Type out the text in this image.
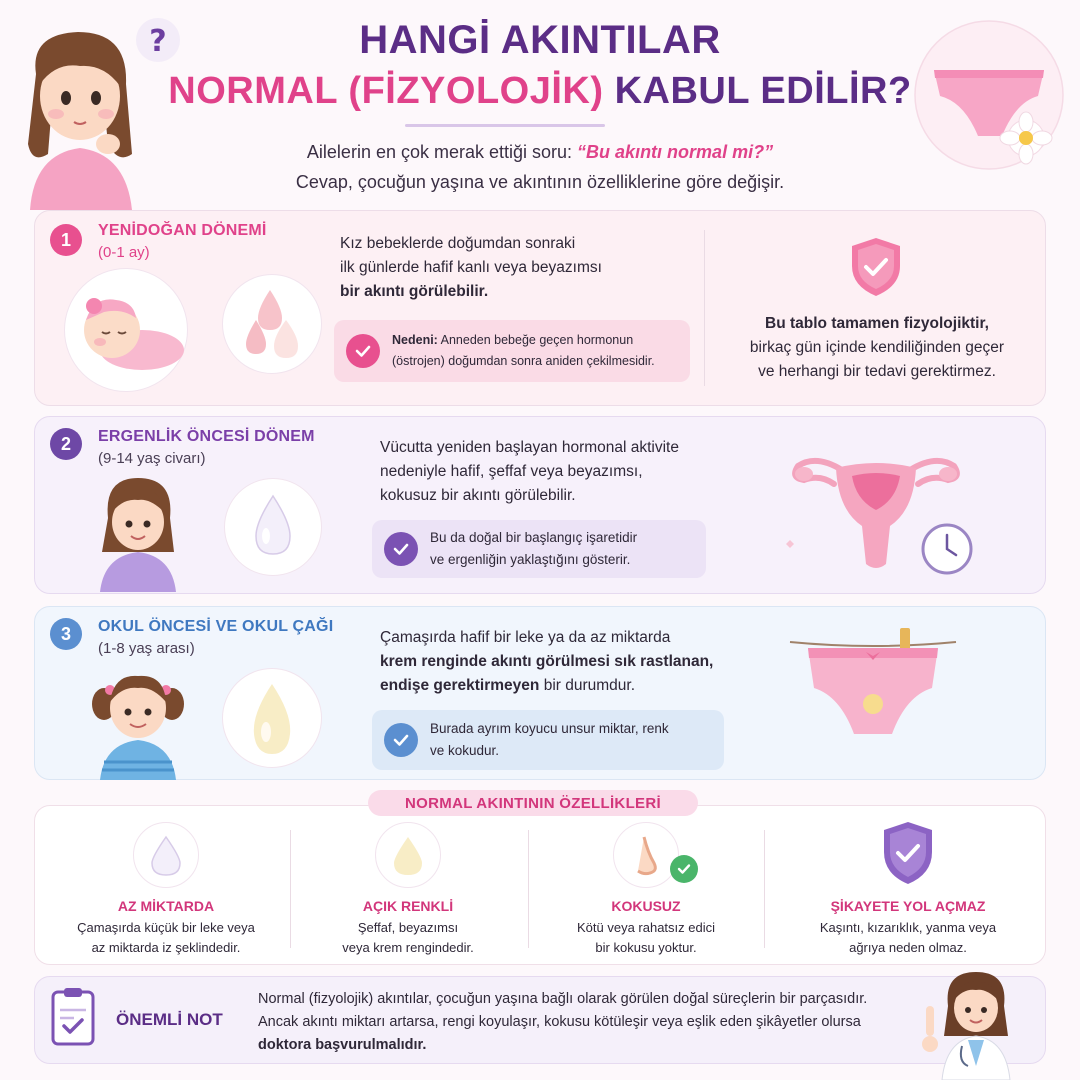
?	HANGİ AKINTILAR
NORMAL (FİZYOLOJİK) KABUL EDİLİR?
Ailelerin en çok merak ettiği soru: “Bu akıntı normal mi?”
Cevap, çocuğun yaşına ve akıntının özelliklerine göre değişir.
1	YENİDOĞAN DÖNEMİ
(0-1 ay)
Kız bebeklerde doğumdan sonraki
ilk günlerde hafif kanlı veya beyazımsı
bir akıntı görülebilir.
Nedeni: Anneden bebeğe geçen hormonun
(östrojen) doğumdan sonra aniden çekilmesidir.
Bu tablo tamamen fizyolojiktir,
birkaç gün içinde kendiliğinden geçer
ve herhangi bir tedavi gerektirmez.
2	ERGENLİK ÖNCESİ DÖNEM
(9-14 yaş civarı)
Vücutta yeniden başlayan hormonal aktivite
nedeniyle hafif, şeffaf veya beyazımsı,
kokusuz bir akıntı görülebilir.
Bu da doğal bir başlangıç işaretidir
ve ergenliğin yaklaştığını gösterir.
3	OKUL ÖNCESİ VE OKUL ÇAĞI
(1-8 yaş arası)
Çamaşırda hafif bir leke ya da az miktarda
krem renginde akıntı görülmesi sık rastlanan,
endişe gerektirmeyen bir durumdur.
Burada ayrım koyucu unsur miktar, renk
ve kokudur.
NORMAL AKINTININ ÖZELLİKLERİ
AZ MİKTARDA
Çamaşırda küçük bir leke veya
az miktarda iz şeklindedir.
AÇIK RENKLİ
Şeffaf, beyazımsı
veya krem rengindedir.
KOKUSUZ
Kötü veya rahatsız edici
bir kokusu yoktur.
ŞİKAYETE YOL AÇMAZ
Kaşıntı, kızarıklık, yanma veya
ağrıya neden olmaz.
ÖNEMLİ NOT
Normal (fizyolojik) akıntılar, çocuğun yaşına bağlı olarak görülen doğal süreçlerin bir parçasıdır.
Ancak akıntı miktarı artarsa, rengi koyulaşır, kokusu kötüleşir veya eşlik eden şikâyetler olursa
doktora başvurulmalıdır.
